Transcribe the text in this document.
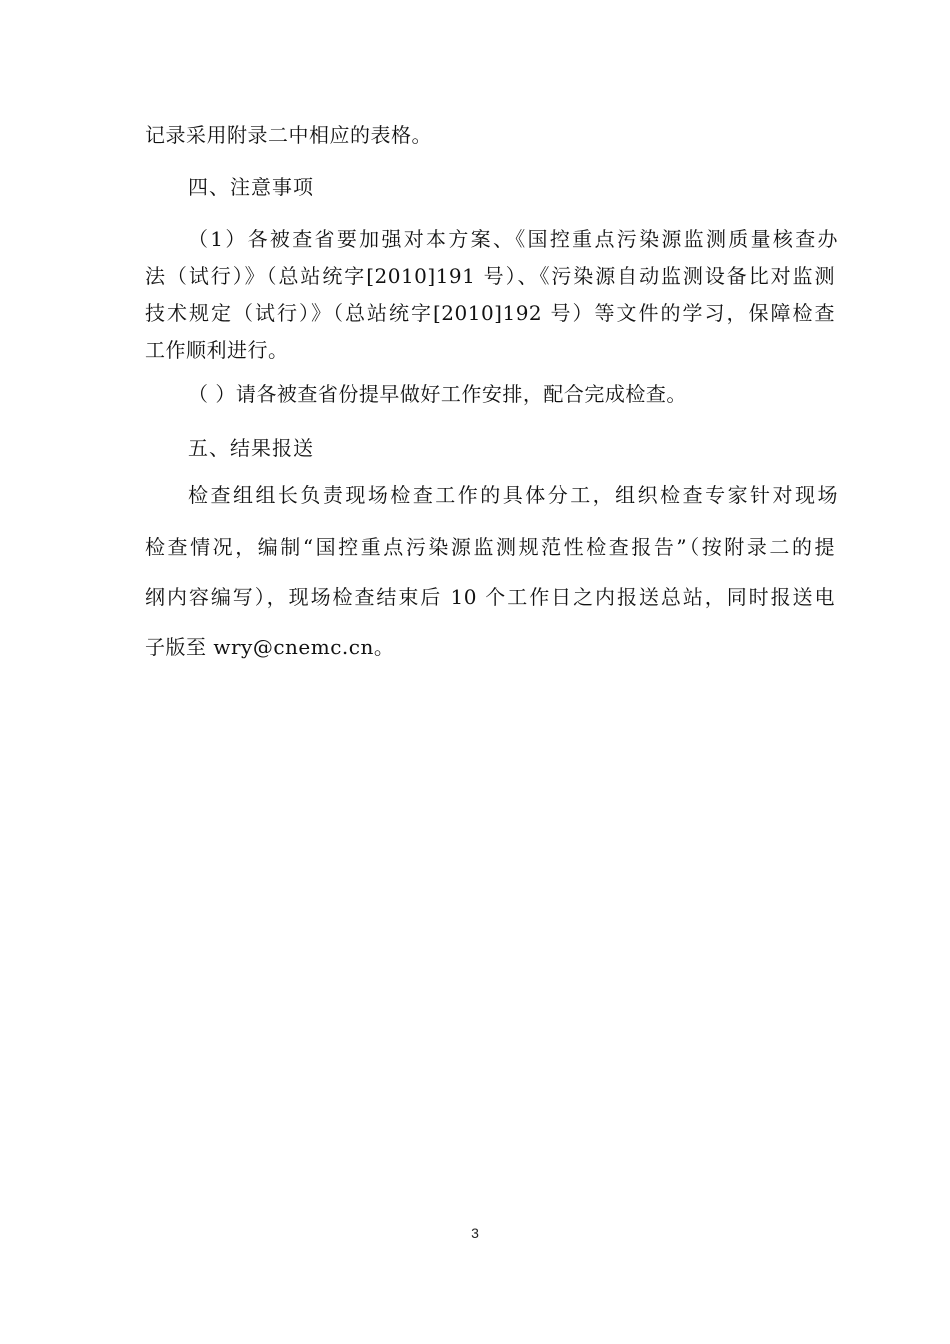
记录采用附录二中相应的表格。
四、注意事项
（1）各被查省要加强对本方案、《国控重点污染源监测质量核查办
法（试行）》（总站统字[2010]191 号）、《污染源自动监测设备比对监测
技术规定（试行）》（总站统字[2010]192 号）等文件的学习，保障检查
工作顺利进行。
（ ）请各被查省份提早做好工作安排，配合完成检查。
五、结果报送
检查组组长负责现场检查工作的具体分工，组织检查专家针对现场
检查情况，编制“国控重点污染源监测规范性检查报告”（按附录二的提
纲内容编写），现场检查结束后 10 个工作日之内报送总站，同时报送电
子版至 wry@cnemc.cn。
3
